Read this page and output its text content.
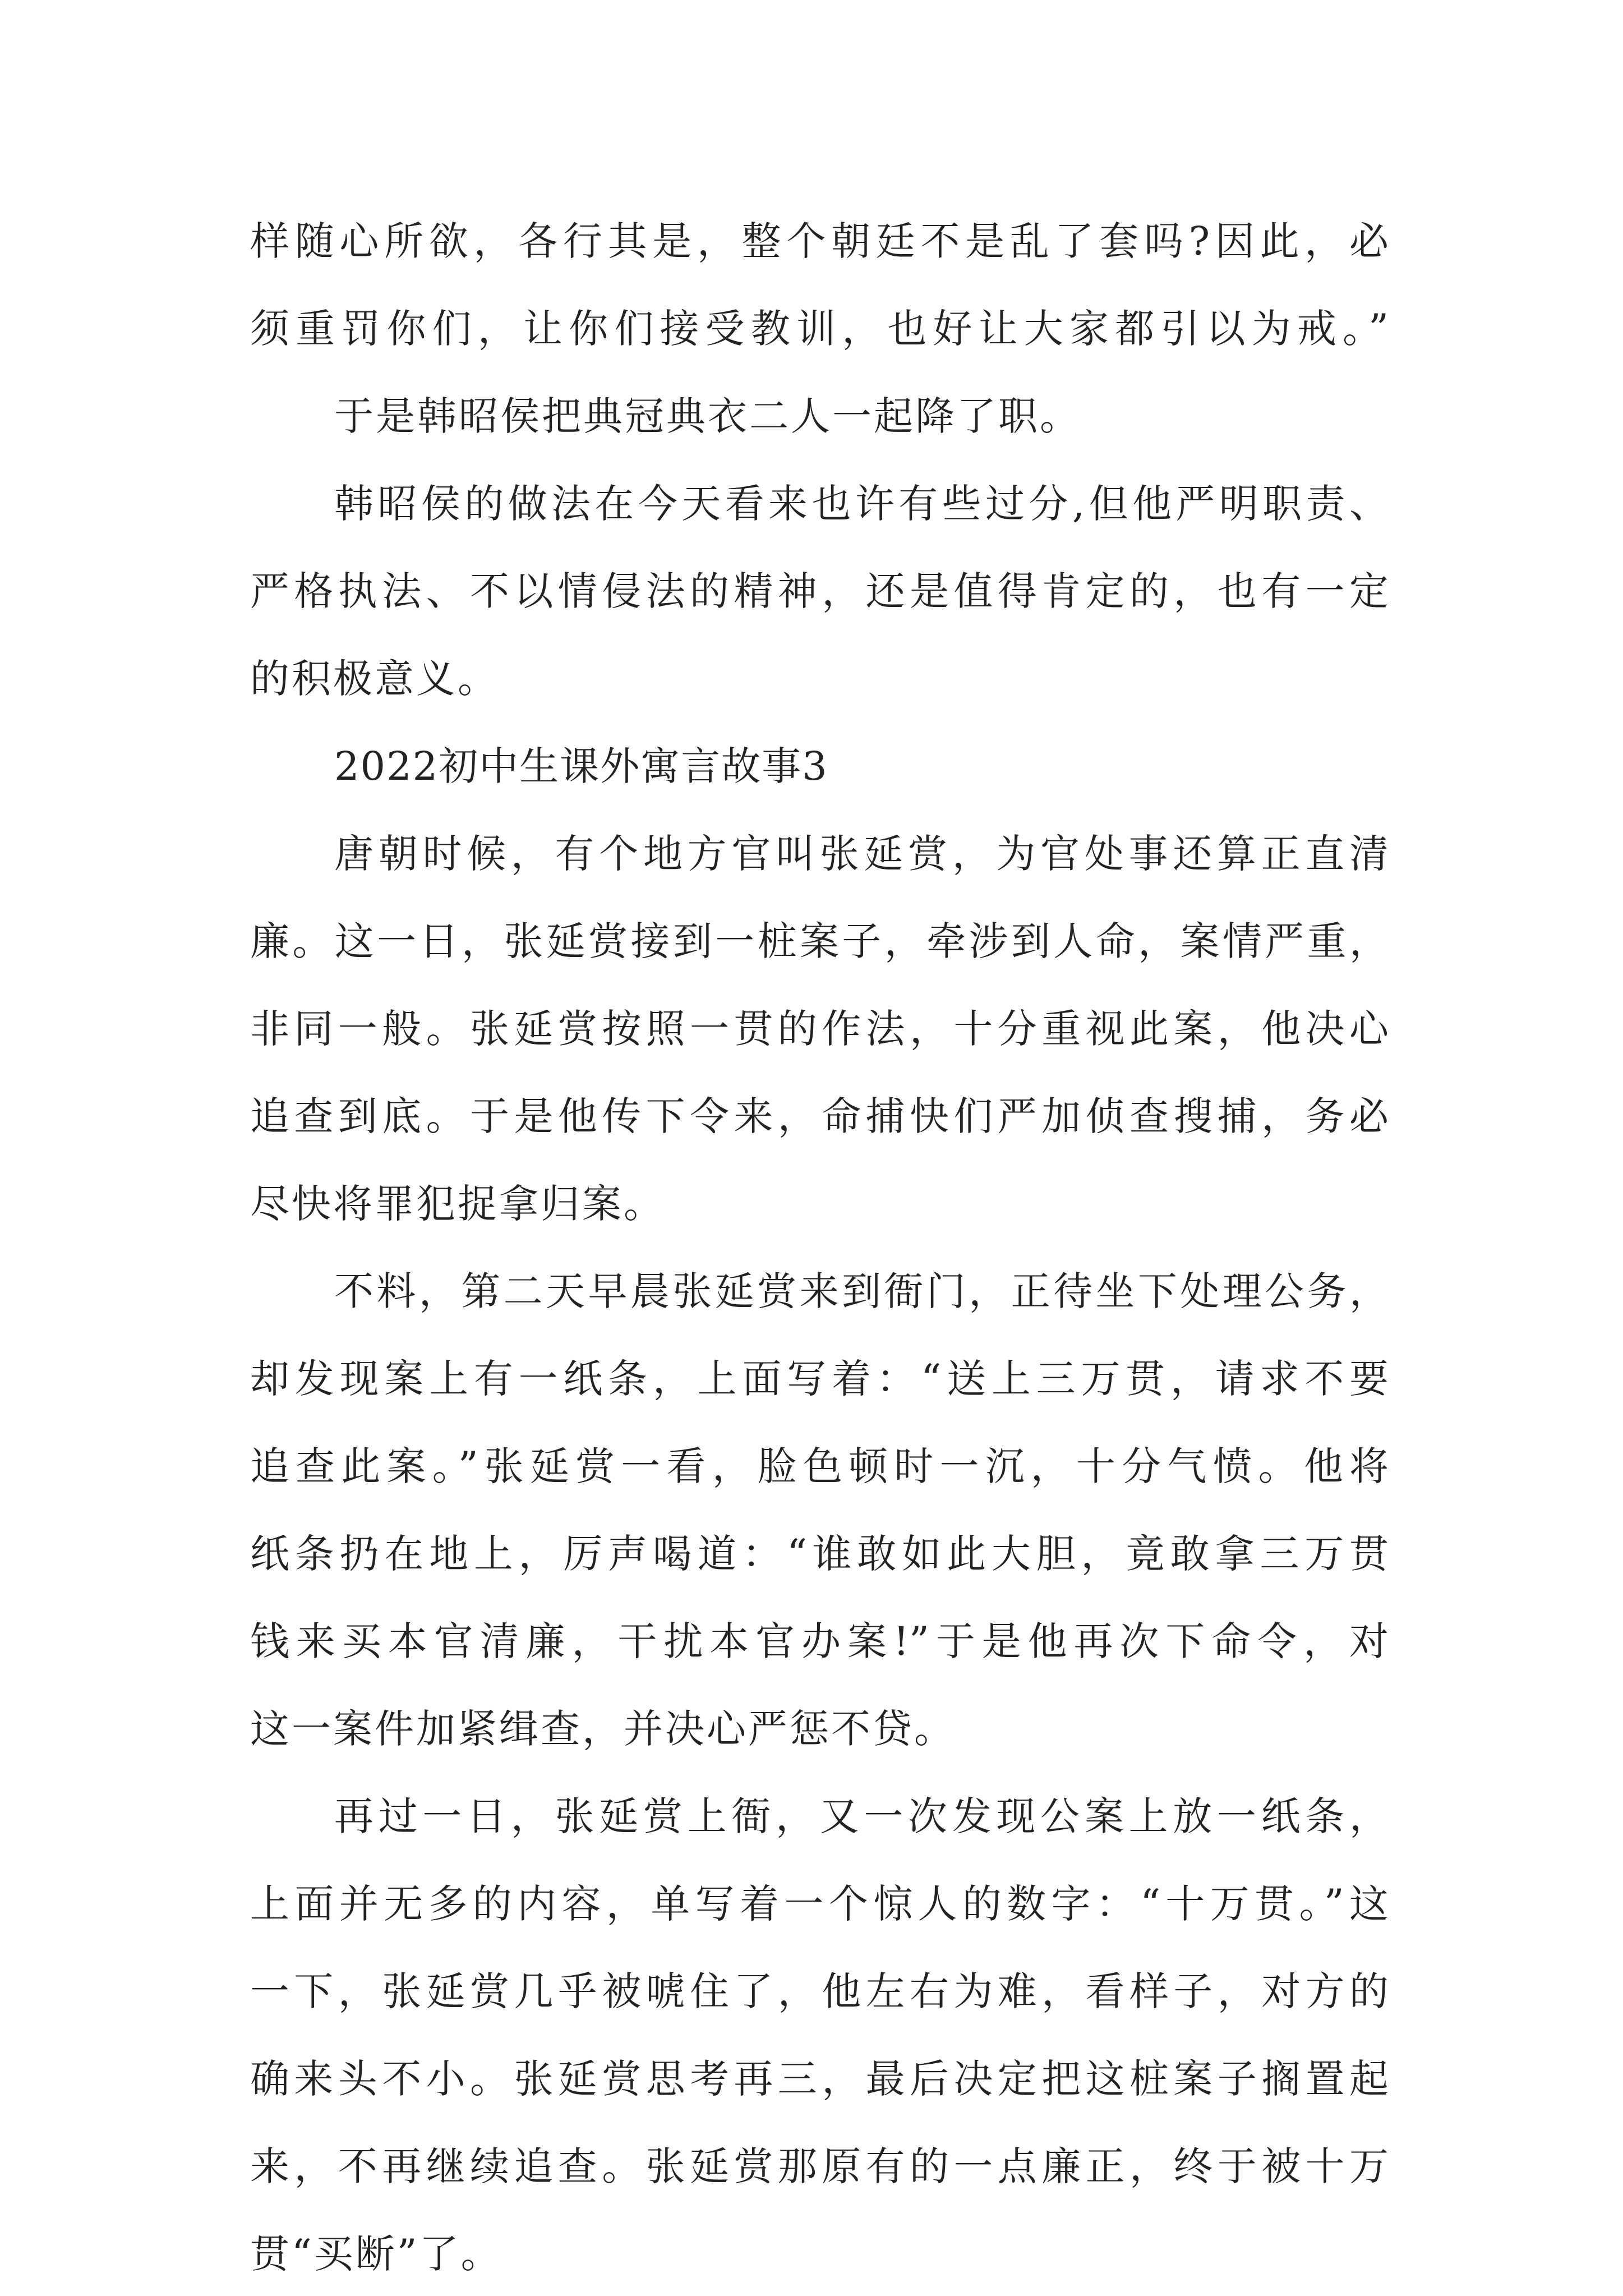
样随心所欲，各行其是，整个朝廷不是乱了套吗?因此，必
须重罚你们，让你们接受教训，也好让大家都引以为戒。”
于是韩昭侯把典冠典衣二人一起降了职。
韩昭侯的做法在今天看来也许有些过分,但他严明职责、
严格执法、不以情侵法的精神，还是值得肯定的，也有一定
的积极意义。
2022初中生课外寓言故事3
唐朝时候，有个地方官叫张延赏，为官处事还算正直清
廉。这一日，张延赏接到一桩案子，牵涉到人命，案情严重，
非同一般。张延赏按照一贯的作法，十分重视此案，他决心
追查到底。于是他传下令来，命捕快们严加侦查搜捕，务必
尽快将罪犯捉拿归案。
不料，第二天早晨张延赏来到衙门，正待坐下处理公务，
却发现案上有一纸条，上面写着：“送上三万贯，请求不要
追查此案。”张延赏一看，脸色顿时一沉，十分气愤。他将
纸条扔在地上，厉声喝道：“谁敢如此大胆，竟敢拿三万贯
钱来买本官清廉，干扰本官办案!”于是他再次下命令，对
这一案件加紧缉查，并决心严惩不贷。
再过一日，张延赏上衙，又一次发现公案上放一纸条，
上面并无多的内容，单写着一个惊人的数字：“十万贯。”这
一下，张延赏几乎被唬住了，他左右为难，看样子，对方的
确来头不小。张延赏思考再三，最后决定把这桩案子搁置起
来，不再继续追查。张延赏那原有的一点廉正，终于被十万
贯“买断”了。
